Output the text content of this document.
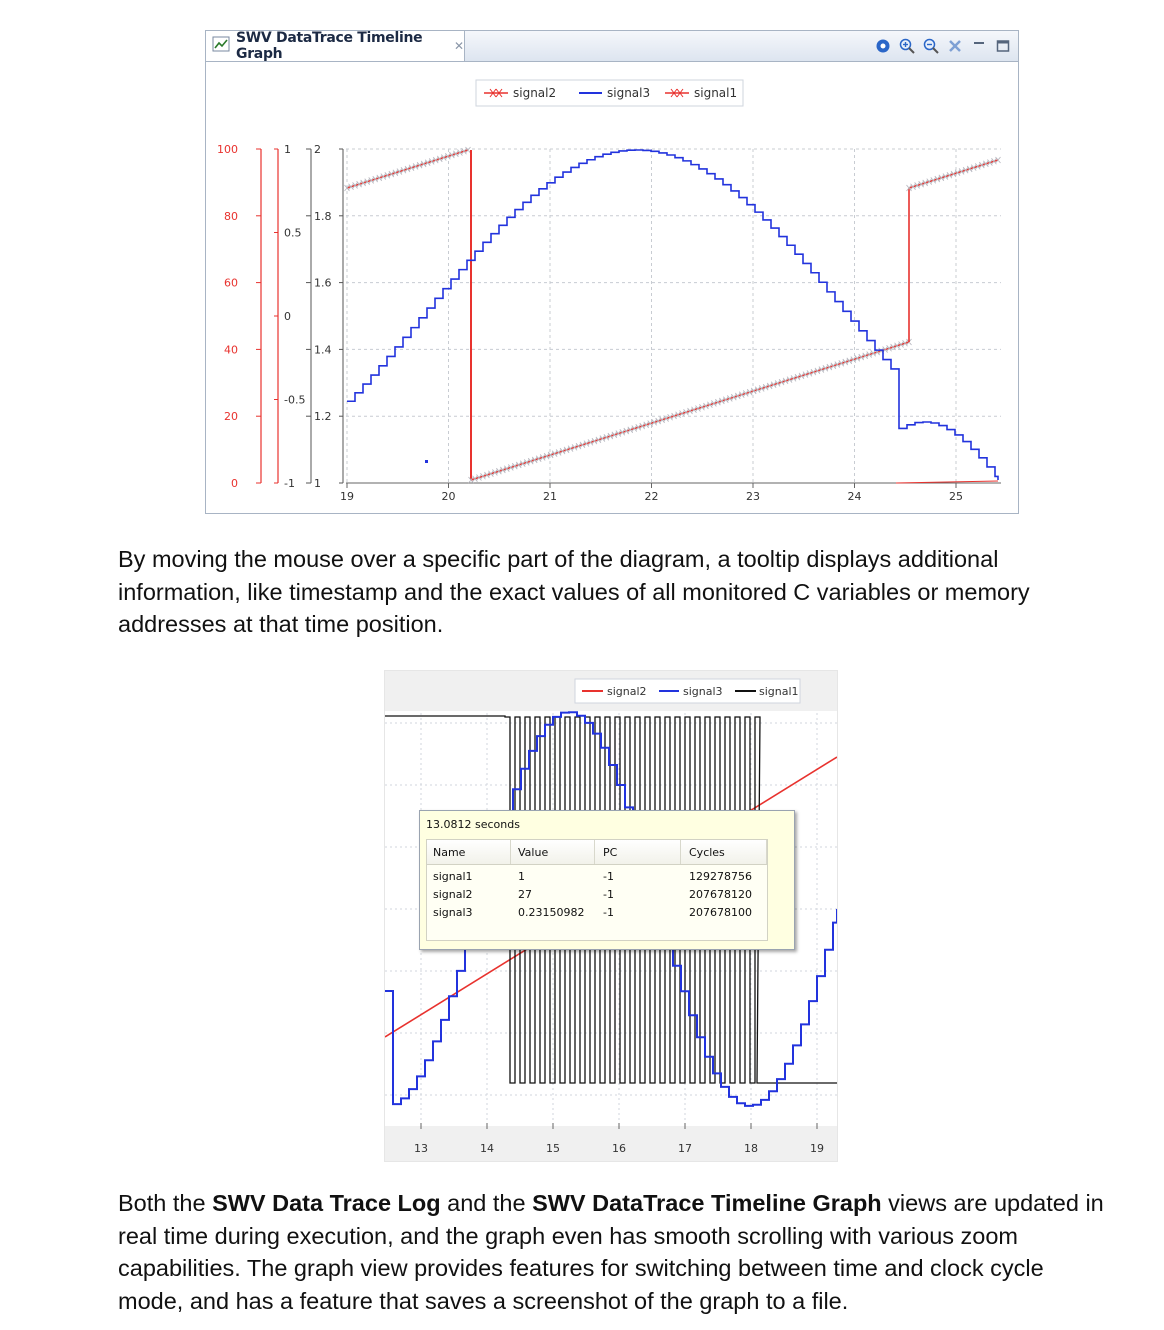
SWV DataTrace Timeline Graph	✕
signal2	signal3	signal1
100
80
60
40
20
0
1
0.5
0
-0.5
-1
2
1.8
1.6
1.4
1.2
1
19	20	21	22	23	24	25

By moving the mouse over a specific part of the diagram, a tooltip displays additional information, like timestamp and the exact values of all monitored C variables or memory addresses at that time position.

signal2	signal3	signal1
13	14	15	16	17	18	19
13.0812 seconds
Name	Value	PC	Cycles
signal1	1	-1	129278756
signal2	27	-1	207678120
signal3	0.23150982 -1	207678100

Both the SWV Data Trace Log and the SWV DataTrace Timeline Graph views are updated in real time during execution, and the graph even has smooth scrolling with various zoom capabilities. The graph view provides features for switching between time and clock cycle mode, and has a feature that saves a screenshot of the graph to a file.
